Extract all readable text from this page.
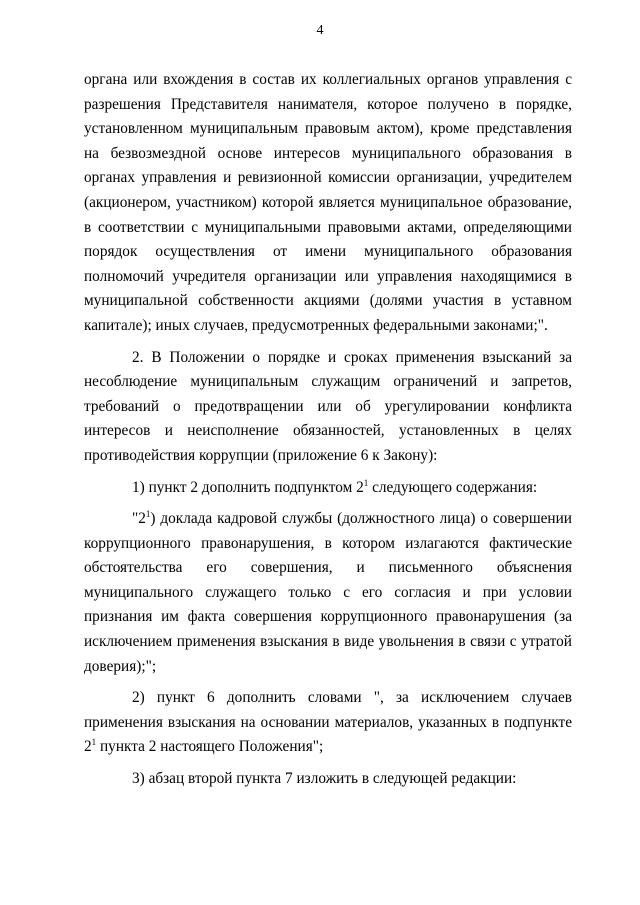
4

органа или вхождения в состав их коллегиальных органов управления с разрешения Представителя нанимателя, которое получено в порядке, установленном муниципальным правовым актом), кроме представления на безвозмездной основе интересов муниципального образования в органах управления и ревизионной комиссии организации, учредителем (акционером, участником) которой является муниципальное образование, в соответствии с муниципальными правовыми актами, определяющими порядок осуществления от имени муниципального образования полномочий учредителя организации или управления находящимися в муниципальной собственности акциями (долями участия в уставном капитале); иных случаев, предусмотренных федеральными законами;".

2. В Положении о порядке и сроках применения взысканий за несоблюдение муниципальным служащим ограничений и запретов, требований о предотвращении или об урегулировании конфликта интересов и неисполнение обязанностей, установленных в целях противодействия коррупции (приложение 6 к Закону):

1) пункт 2 дополнить подпунктом $2^1$ следующего содержания:

"$2^1$) доклада кадровой службы (должностного лица) о совершении коррупционного правонарушения, в котором излагаются фактические обстоятельства его совершения, и письменного объяснения муниципального служащего только с его согласия и при условии признания им факта совершения коррупционного правонарушения (за исключением применения взыскания в виде увольнения в связи с утратой доверия);";

2) пункт 6 дополнить словами ", за исключением случаев применения взыскания на основании материалов, указанных в подпункте $2^1$ пункта 2 настоящего Положения";

3) абзац второй пункта 7 изложить в следующей редакции:
